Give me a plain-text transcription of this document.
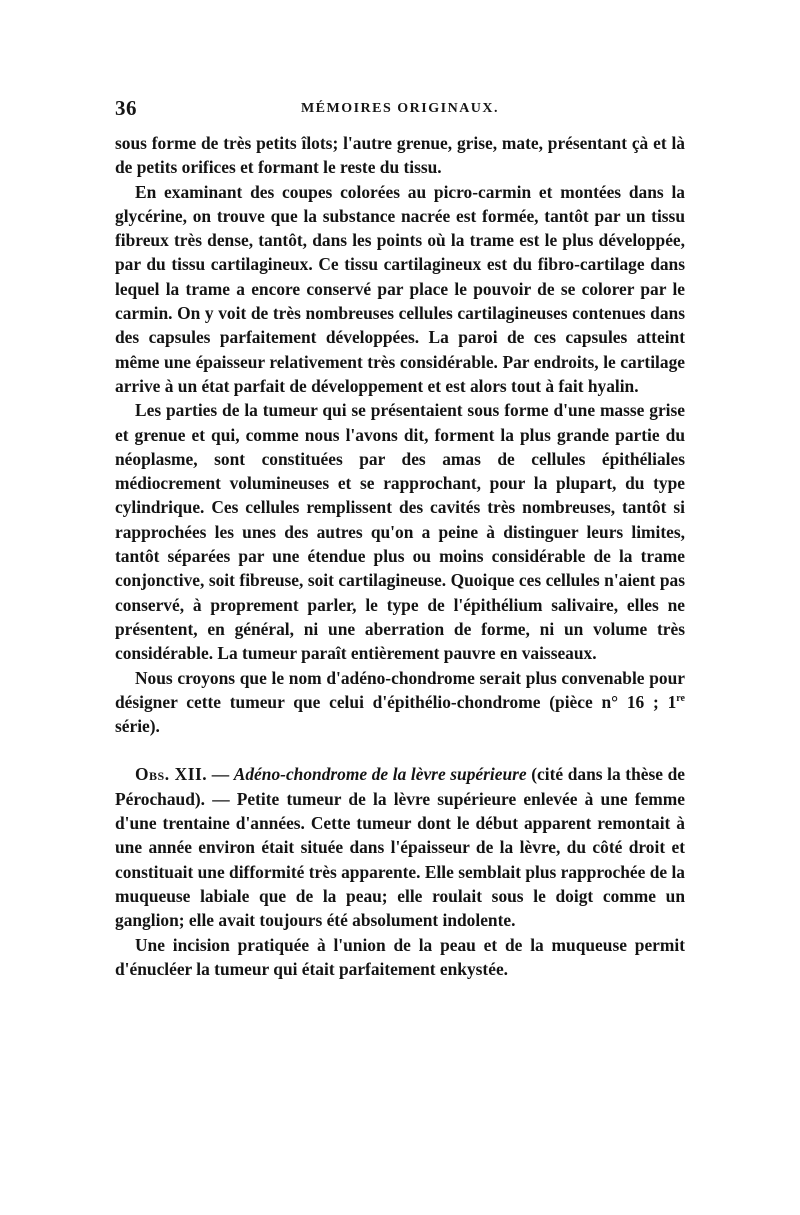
36	MÉMOIRES ORIGINAUX.

sous forme de très petits îlots; l'autre grenue, grise, mate, présentant çà et là de petits orifices et formant le reste du tissu.

En examinant des coupes colorées au picro-carmin et montées dans la glycérine, on trouve que la substance nacrée est formée, tantôt par un tissu fibreux très dense, tantôt, dans les points où la trame est le plus développée, par du tissu cartilagineux. Ce tissu cartilagineux est du fibro-cartilage dans lequel la trame a encore conservé par place le pouvoir de se colorer par le carmin. On y voit de très nombreuses cellules cartilagineuses contenues dans des capsules parfaitement développées. La paroi de ces capsules atteint même une épaisseur relativement très considérable. Par endroits, le cartilage arrive à un état parfait de développement et est alors tout à fait hyalin.

Les parties de la tumeur qui se présentaient sous forme d'une masse grise et grenue et qui, comme nous l'avons dit, forment la plus grande partie du néoplasme, sont constituées par des amas de cellules épithéliales médiocrement volumineuses et se rapprochant, pour la plupart, du type cylindrique. Ces cellules remplissent des cavités très nombreuses, tantôt si rapprochées les unes des autres qu'on a peine à distinguer leurs limites, tantôt séparées par une étendue plus ou moins considérable de la trame conjonctive, soit fibreuse, soit cartilagineuse. Quoique ces cellules n'aient pas conservé, à proprement parler, le type de l'épithélium salivaire, elles ne présentent, en général, ni une aberration de forme, ni un volume très considérable. La tumeur paraît entièrement pauvre en vaisseaux.

Nous croyons que le nom d'adéno-chondrome serait plus convenable pour désigner cette tumeur que celui d'épithélio-chondrome (pièce n° 16 ; 1re série).

Obs. XII. — Adéno-chondrome de la lèvre supérieure (cité dans la thèse de Pérochaud). — Petite tumeur de la lèvre supérieure enlevée à une femme d'une trentaine d'années. Cette tumeur dont le début apparent remontait à une année environ était située dans l'épaisseur de la lèvre, du côté droit et constituait une difformité très apparente. Elle semblait plus rapprochée de la muqueuse labiale que de la peau; elle roulait sous le doigt comme un ganglion; elle avait toujours été absolument indolente.

Une incision pratiquée à l'union de la peau et de la muqueuse permit d'énucléer la tumeur qui était parfaitement enkystée.
